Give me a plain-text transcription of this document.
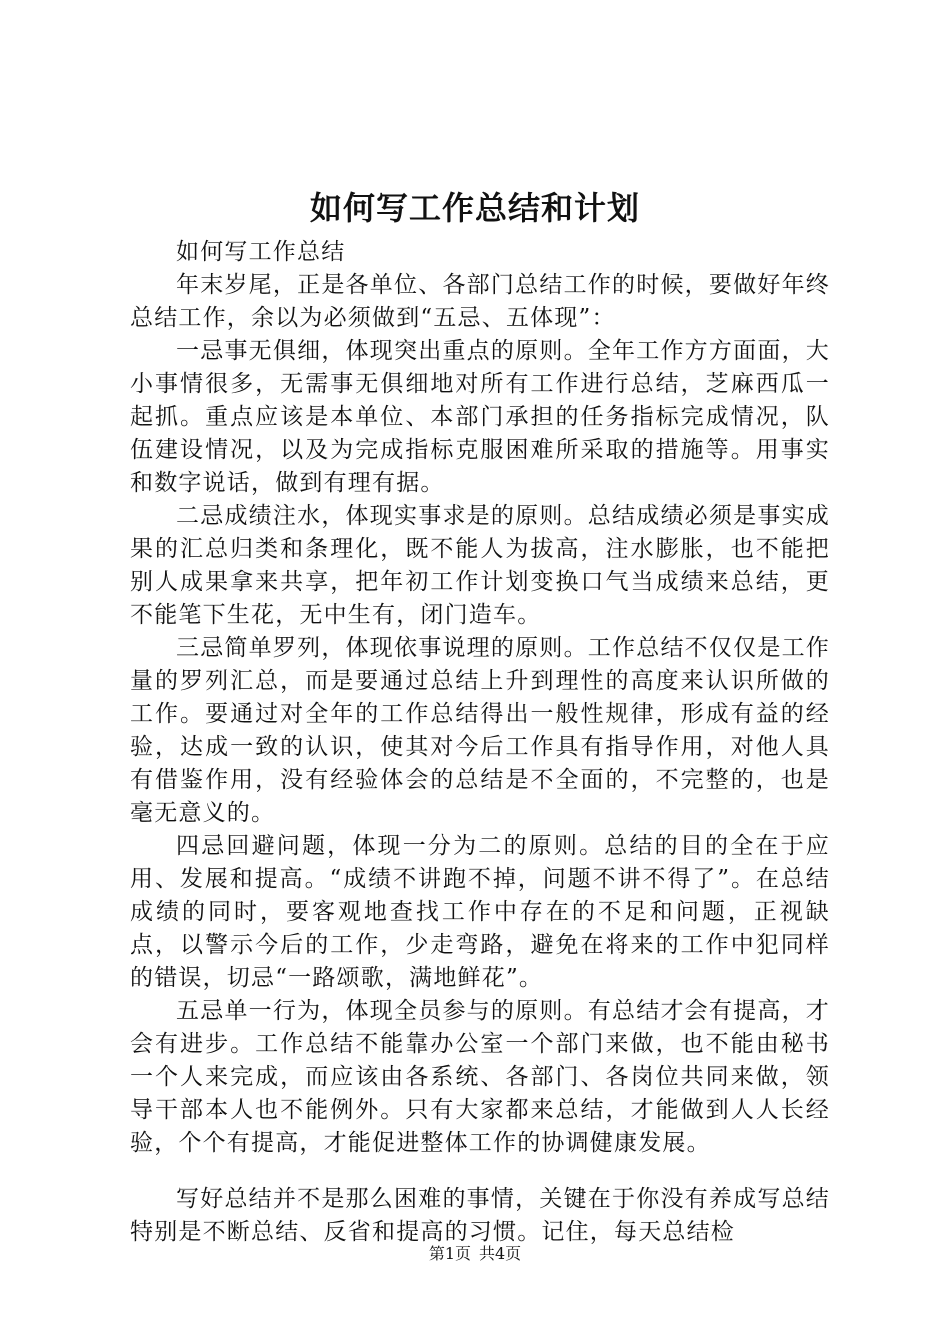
如何写工作总结和计划

如何写工作总结

年末岁尾，正是各单位、各部门总结工作的时候，要做好年终总结工作，余以为必须做到“五忌、五体现”：

一忌事无俱细，体现突出重点的原则。全年工作方方面面，大小事情很多，无需事无俱细地对所有工作进行总结，芝麻西瓜一起抓。重点应该是本单位、本部门承担的任务指标完成情况，队伍建设情况，以及为完成指标克服困难所采取的措施等。用事实和数字说话，做到有理有据。

二忌成绩注水，体现实事求是的原则。总结成绩必须是事实成果的汇总归类和条理化，既不能人为拔高，注水膨胀，也不能把别人成果拿来共享，把年初工作计划变换口气当成绩来总结，更不能笔下生花，无中生有，闭门造车。

三忌简单罗列，体现依事说理的原则。工作总结不仅仅是工作量的罗列汇总，而是要通过总结上升到理性的高度来认识所做的工作。要通过对全年的工作总结得出一般性规律，形成有益的经验，达成一致的认识，使其对今后工作具有指导作用，对他人具有借鉴作用，没有经验体会的总结是不全面的，不完整的，也是毫无意义的。

四忌回避问题，体现一分为二的原则。总结的目的全在于应用、发展和提高。“成绩不讲跑不掉，问题不讲不得了”。在总结成绩的同时，要客观地查找工作中存在的不足和问题，正视缺点，以警示今后的工作，少走弯路，避免在将来的工作中犯同样的错误，切忌“一路颂歌，满地鲜花”。

五忌单一行为，体现全员参与的原则。有总结才会有提高，才会有进步。工作总结不能靠办公室一个部门来做，也不能由秘书一个人来完成，而应该由各系统、各部门、各岗位共同来做，领导干部本人也不能例外。只有大家都来总结，才能做到人人长经验，个个有提高，才能促进整体工作的协调健康发展。

写好总结并不是那么困难的事情，关键在于你没有养成写总结特别是不断总结、反省和提高的习惯。记住，每天总结检

第1页 共4页
